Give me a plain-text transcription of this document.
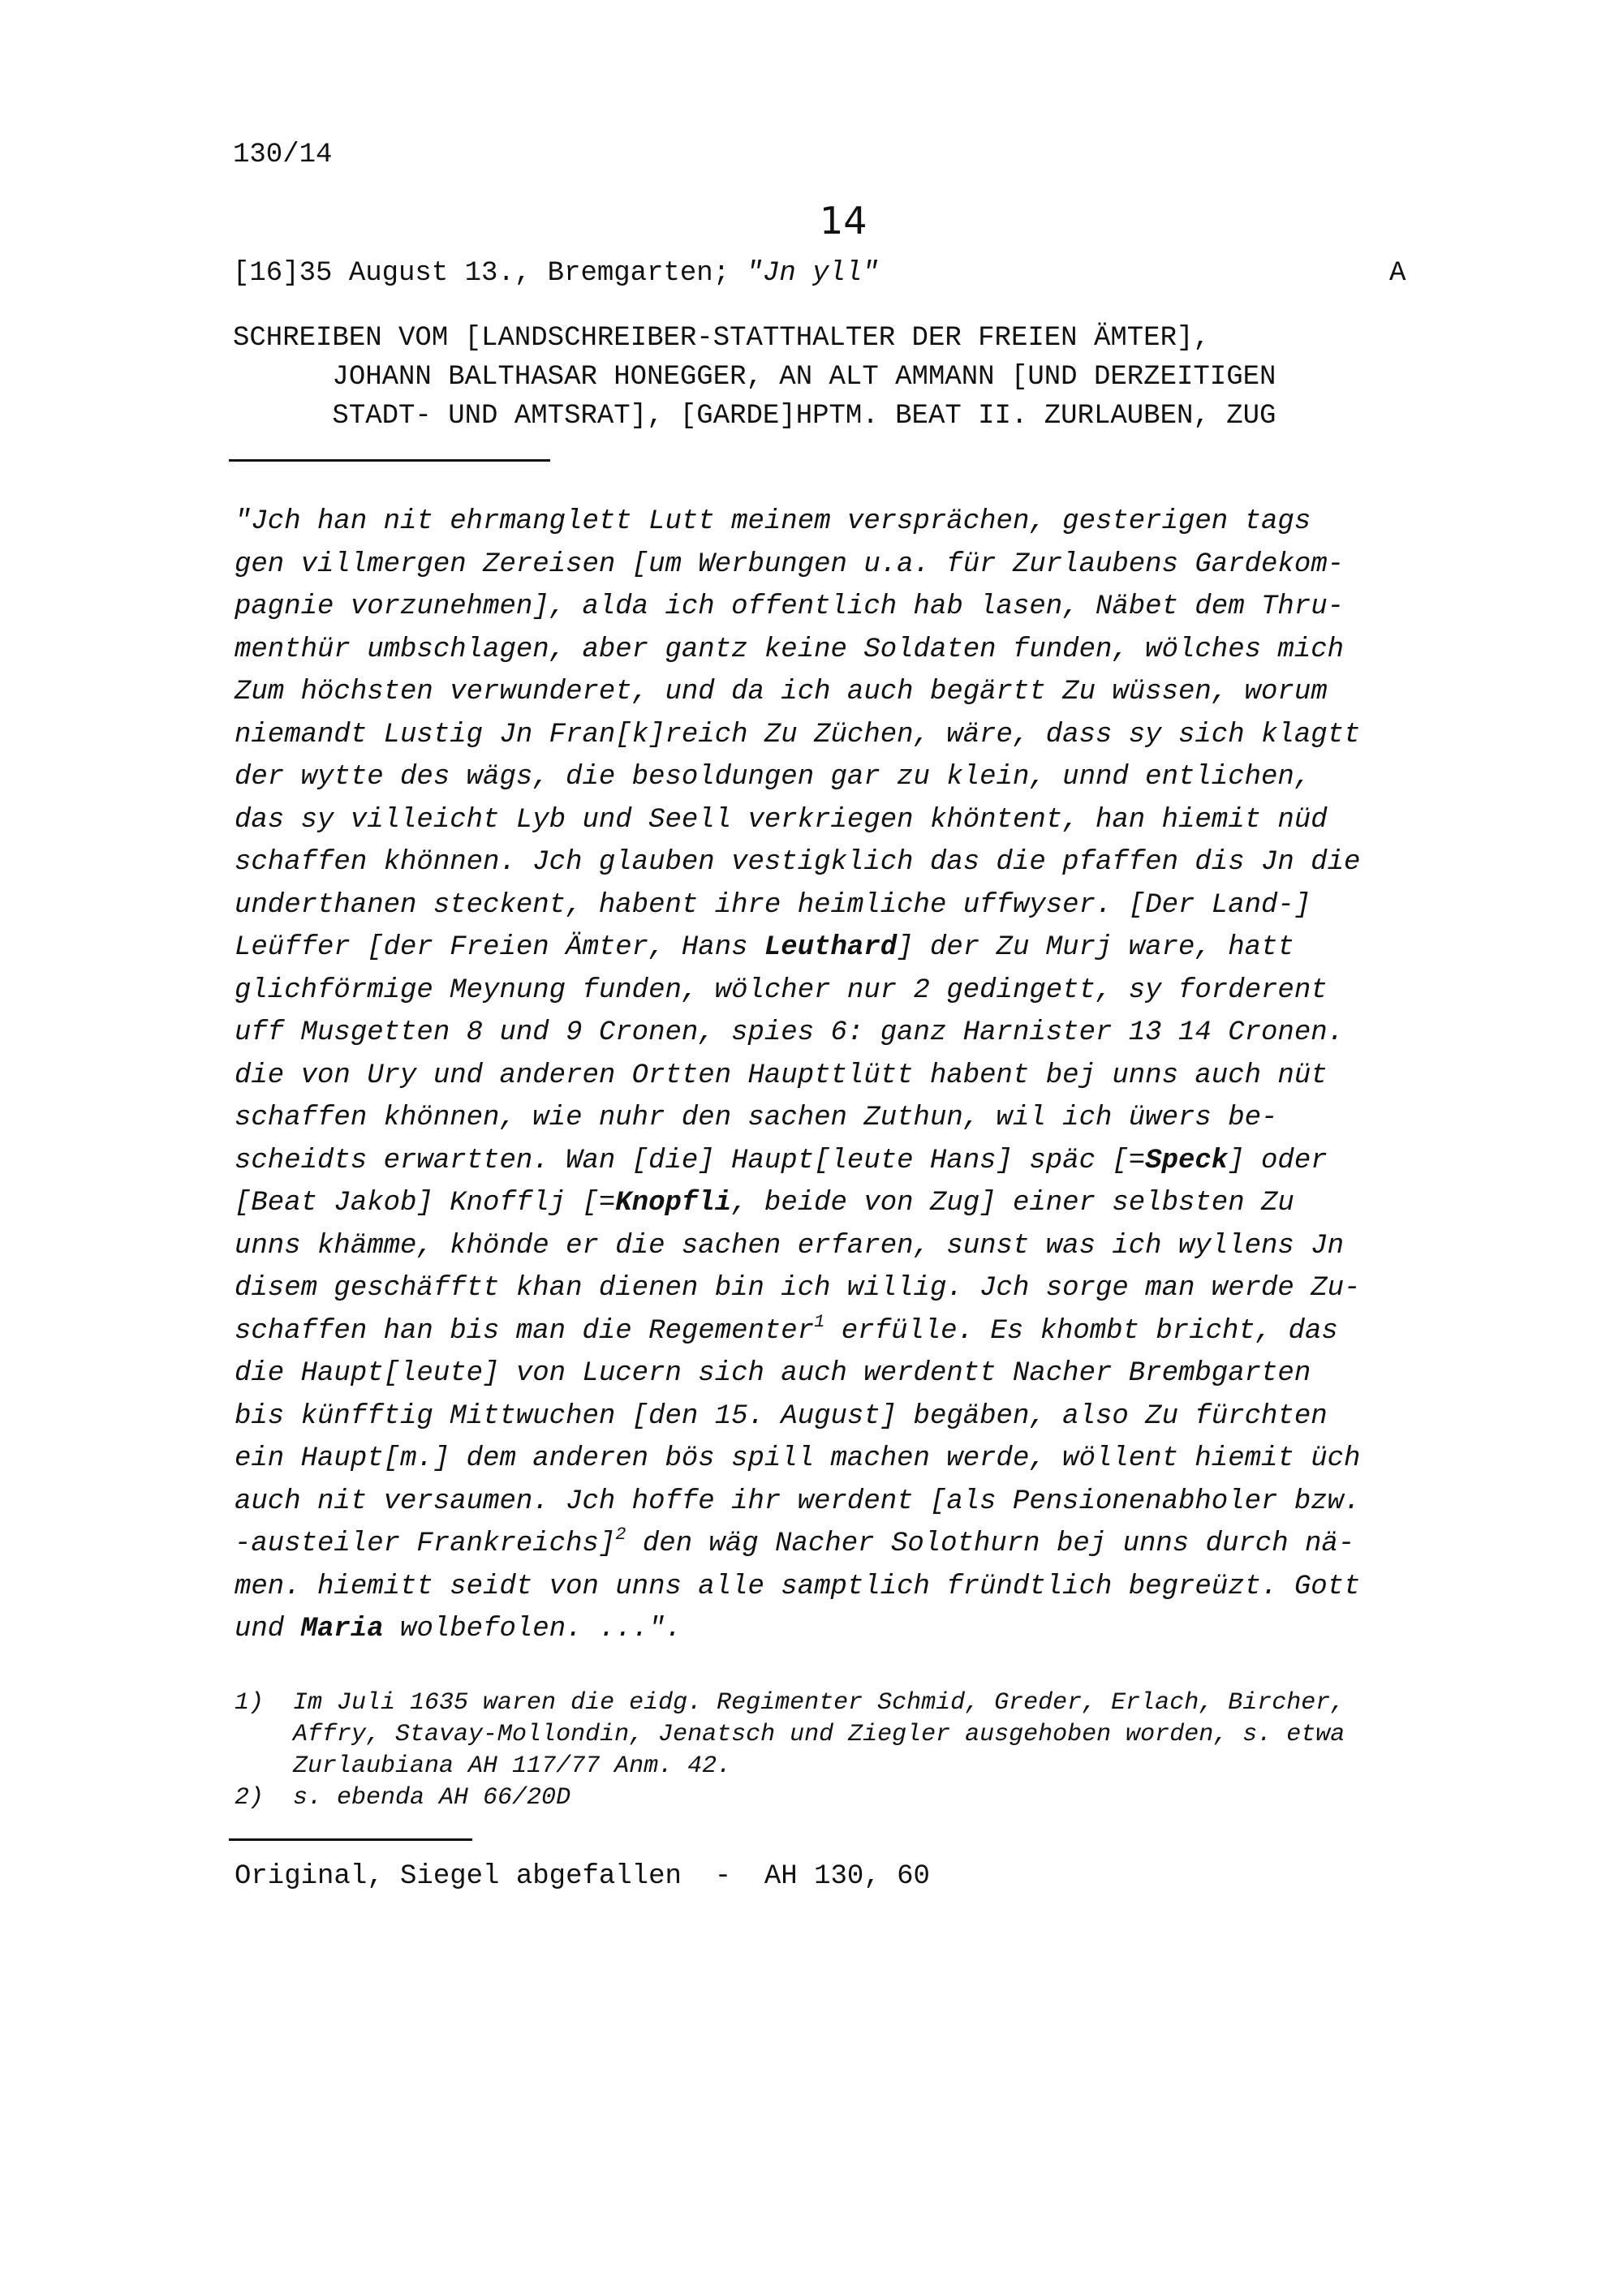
130/14
14
[16]35 August 13., Bremgarten; "Jn yll"	A
SCHREIBEN VOM [LANDSCHREIBER-STATTHALTER DER FREIEN ÄMTER],
JOHANN BALTHASAR HONEGGER, AN ALT AMMANN [UND DERZEITIGEN
STADT- UND AMTSRAT], [GARDE]HPTM. BEAT II. ZURLAUBEN, ZUG
"Jch han nit ehrmanglett Lutt meinem versprächen, gesterigen tags
gen villmergen Zereisen [um Werbungen u.a. für Zurlaubens Gardekom-
pagnie vorzunehmen], alda ich offentlich hab lasen, Näbet dem Thru-
menthür umbschlagen, aber gantz keine Soldaten funden, wölches mich
Zum höchsten verwunderet, und da ich auch begärtt Zu wüssen, worum
niemandt Lustig Jn Fran[k]reich Zu Züchen, wäre, dass sy sich klagtt
der wytte des wägs, die besoldungen gar zu klein, unnd entlichen,
das sy villeicht Lyb und Seell verkriegen khöntent, han hiemit nüd
schaffen khönnen. Jch glauben vestigklich das die pfaffen dis Jn die
underthanen steckent, habent ihre heimliche uffwyser. [Der Land-]
Leüffer [der Freien Ämter, Hans Leuthard] der Zu Murj ware, hatt
glichförmige Meynung funden, wölcher nur 2 gedingett, sy forderent
uff Musgetten 8 und 9 Cronen, spies 6: ganz Harnister 13 14 Cronen.
die von Ury und anderen Ortten Haupttlütt habent bej unns auch nüt
schaffen khönnen, wie nuhr den sachen Zuthun, wil ich üwers be-
scheidts erwartten. Wan [die] Haupt[leute Hans] späc [=Speck] oder
[Beat Jakob] Knofflj [=Knopfli, beide von Zug] einer selbsten Zu
unns khämme, khönde er die sachen erfaren, sunst was ich wyllens Jn
disem geschäfftt khan dienen bin ich willig. Jch sorge man werde Zu-
schaffen han bis man die Regementer$^1$ erfülle. Es khombt bricht, das
die Haupt[leute] von Lucern sich auch werdentt Nacher Brembgarten
bis künfftig Mittwuchen [den 15. August] begäben, also Zu fürchten
ein Haupt[m.] dem anderen bös spill machen werde, wöllent hiemit üch
auch nit versaumen. Jch hoffe ihr werdent [als Pensionenabholer bzw.
-austeiler Frankreichs]$^2$ den wäg Nacher Solothurn bej unns durch nä-
men. hiemitt seidt von unns alle samptlich fründtlich begreüzt. Gott
und Maria wolbefolen. ...".
1)  Im Juli 1635 waren die eidg. Regimenter Schmid, Greder, Erlach, Bircher,
Affry, Stavay-Mollondin, Jenatsch und Ziegler ausgehoben worden, s. etwa
Zurlaubiana AH 117/77 Anm. 42.
2)  s. ebenda AH 66/20D
Original, Siegel abgefallen  -  AH 130, 60
